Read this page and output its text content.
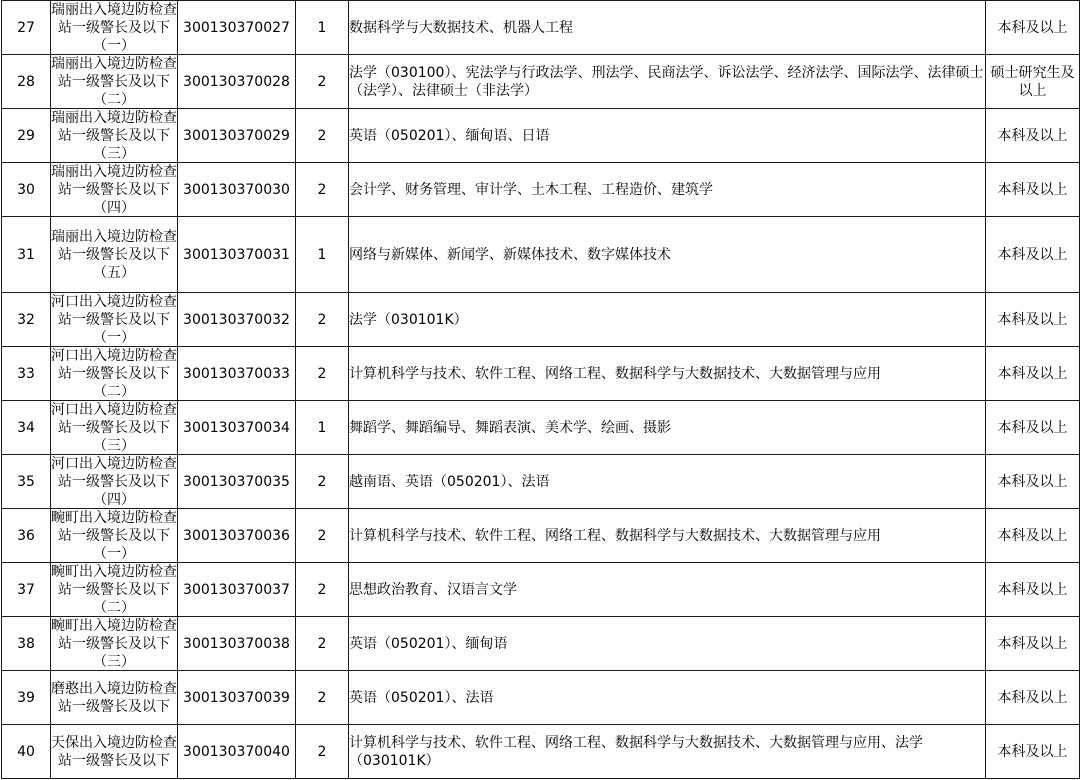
27	瑞丽出入境边防检查站一级警长及以下（一）	300130370027	1	数据科学与大数据技术、机器人工程	本科及以上
28	瑞丽出入境边防检查站一级警长及以下（二）	300130370028	2	法学（030100）、宪法学与行政法学、刑法学、民商法学、诉讼法学、经济法学、国际法学、法律硕士（法学）、法律硕士（非法学）	硕士研究生及以上
29	瑞丽出入境边防检查站一级警长及以下（三）	300130370029	2	英语（050201）、缅甸语、日语	本科及以上
30	瑞丽出入境边防检查站一级警长及以下（四）	300130370030	2	会计学、财务管理、审计学、土木工程、工程造价、建筑学	本科及以上
31	瑞丽出入境边防检查站一级警长及以下（五）	300130370031	1	网络与新媒体、新闻学、新媒体技术、数字媒体技术	本科及以上
32	河口出入境边防检查站一级警长及以下（一）	300130370032	2	法学（030101K）	本科及以上
33	河口出入境边防检查站一级警长及以下（二）	300130370033	2	计算机科学与技术、软件工程、网络工程、数据科学与大数据技术、大数据管理与应用	本科及以上
34	河口出入境边防检查站一级警长及以下（三）	300130370034	1	舞蹈学、舞蹈编导、舞蹈表演、美术学、绘画、摄影	本科及以上
35	河口出入境边防检查站一级警长及以下（四）	300130370035	2	越南语、英语（050201）、法语	本科及以上
36	畹町出入境边防检查站一级警长及以下（一）	300130370036	2	计算机科学与技术、软件工程、网络工程、数据科学与大数据技术、大数据管理与应用	本科及以上
37	畹町出入境边防检查站一级警长及以下（二）	300130370037	2	思想政治教育、汉语言文学	本科及以上
38	畹町出入境边防检查站一级警长及以下（三）	300130370038	2	英语（050201）、缅甸语	本科及以上
39	磨憨出入境边防检查站一级警长及以下	300130370039	2	英语（050201）、法语	本科及以上
40	天保出入境边防检查站一级警长及以下	300130370040	2	计算机科学与技术、软件工程、网络工程、数据科学与大数据技术、大数据管理与应用、法学（030101K）	本科及以上
